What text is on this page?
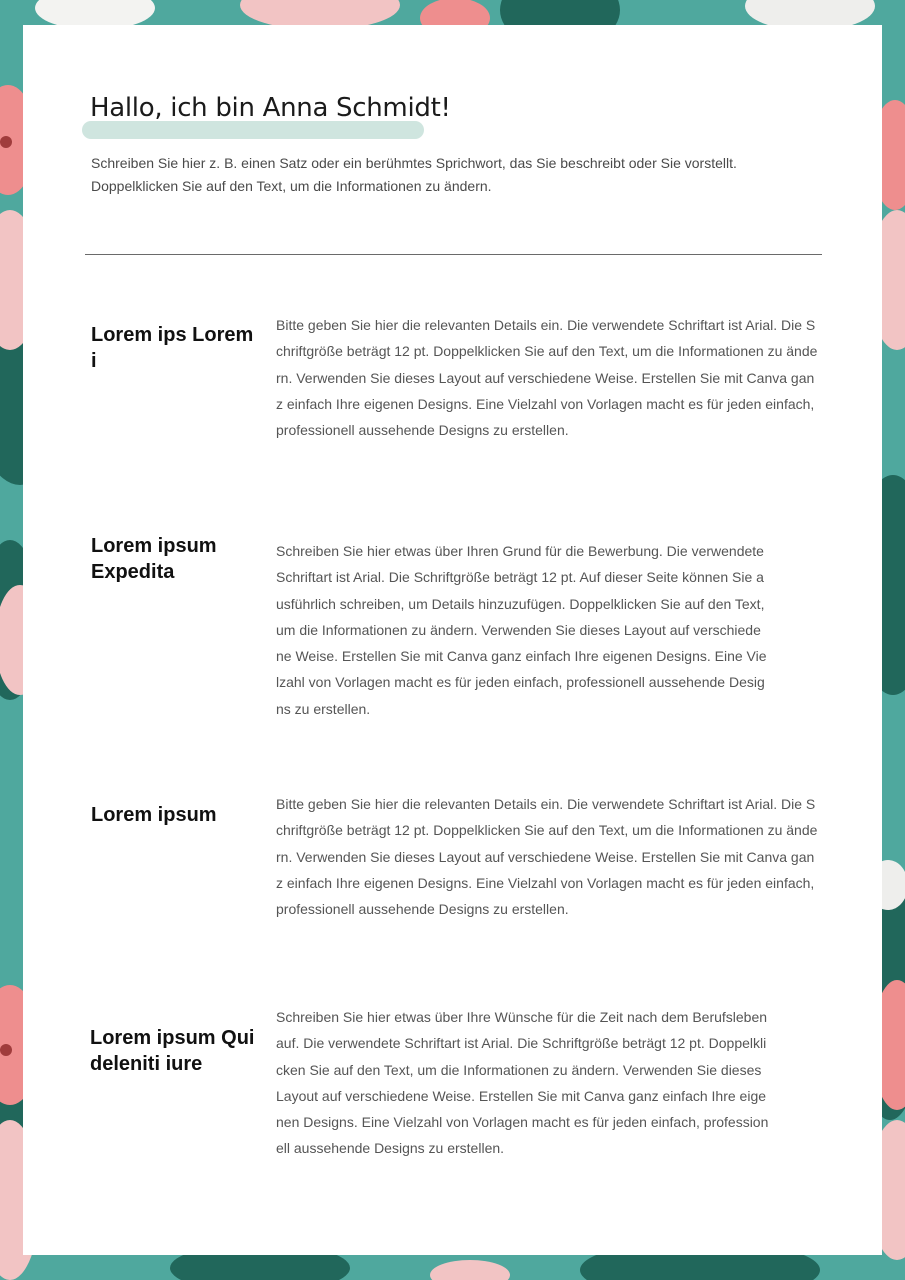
Hallo, ich bin Anna Schmidt!

Schreiben Sie hier z. B. einen Satz oder ein berühmtes Sprichwort, das Sie beschreibt oder Sie vorstellt. Doppelklicken Sie auf den Text, um die Informationen zu ändern.

Lorem ips Lorem i

Bitte geben Sie hier die relevanten Details ein. Die verwendete Schriftart ist Arial. Die Schriftgröße beträgt 12 pt. Doppelklicken Sie auf den Text, um die Informationen zu ändern. Verwenden Sie dieses Layout auf verschiedene Weise. Erstellen Sie mit Canva ganz einfach Ihre eigenen Designs. Eine Vielzahl von Vorlagen macht es für jeden einfach, professionell aussehende Designs zu erstellen.

Lorem ipsum Expedita

Schreiben Sie hier etwas über Ihren Grund für die Bewerbung. Die verwendete Schriftart ist Arial. Die Schriftgröße beträgt 12 pt. Auf dieser Seite können Sie ausführlich schreiben, um Details hinzuzufügen. Doppelklicken Sie auf den Text, um die Informationen zu ändern. Verwenden Sie dieses Layout auf verschiedene Weise. Erstellen Sie mit Canva ganz einfach Ihre eigenen Designs. Eine Vielzahl von Vorlagen macht es für jeden einfach, professionell aussehende Designs zu erstellen.

Lorem ipsum	Bitte geben Sie hier die relevanten Details ein. Die verwendete Schriftart ist Arial. Die Schriftgröße beträgt 12 pt. Doppelklicken Sie auf den Text, um die Informationen zu ändern. Verwenden Sie dieses Layout auf verschiedene Weise. Erstellen Sie mit Canva ganz einfach Ihre eigenen Designs. Eine Vielzahl von Vorlagen macht es für jeden einfach, professionell aussehende Designs zu erstellen.

Lorem ipsum Qui deleniti iure

Schreiben Sie hier etwas über Ihre Wünsche für die Zeit nach dem Berufsleben auf. Die verwendete Schriftart ist Arial. Die Schriftgröße beträgt 12 pt. Doppelklicken Sie auf den Text, um die Informationen zu ändern. Verwenden Sie dieses Layout auf verschiedene Weise. Erstellen Sie mit Canva ganz einfach Ihre eigenen Designs. Eine Vielzahl von Vorlagen macht es für jeden einfach, professionell aussehende Designs zu erstellen.
